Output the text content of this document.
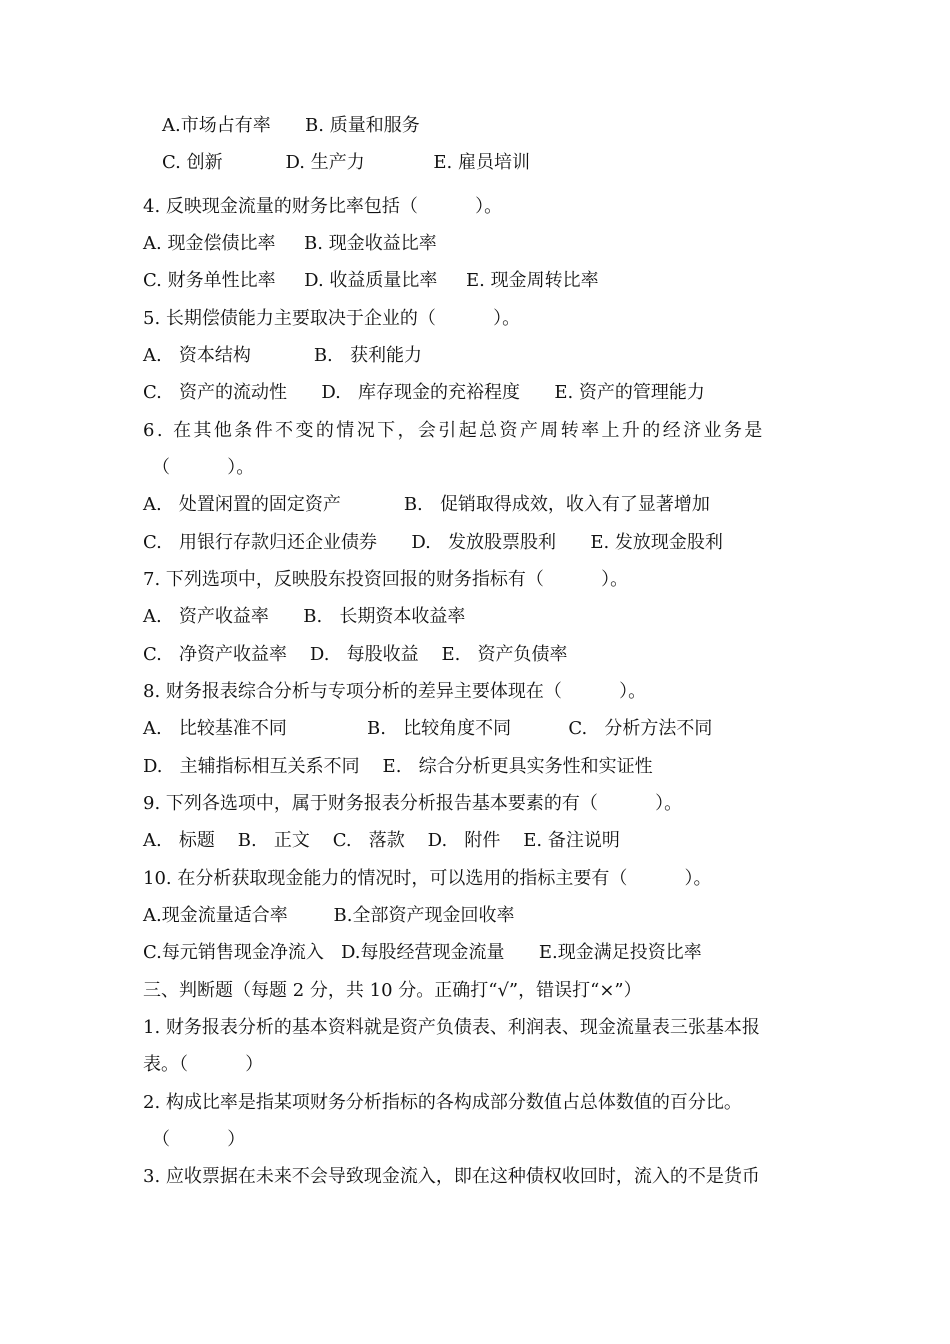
A.市场占有率      B. 质量和服务
C. 创新           D. 生产力            E. 雇员培训
4. 反映现金流量的财务比率包括（          ）。
A. 现金偿债比率     B. 现金收益比率
C. 财务单性比率     D. 收益质量比率     E. 现金周转比率
5. 长期偿债能力主要取决于企业的（          ）。
A.   资本结构           B.   获利能力
C.   资产的流动性      D.   库存现金的充裕程度      E. 资产的管理能力
6. 在其他条件不变的情况下，会引起总资产周转率上升的经济业务是
（          ）。
A.   处置闲置的固定资产           B.   促销取得成效，收入有了显著增加
C.   用银行存款归还企业债券      D.   发放股票股利      E. 发放现金股利
7. 下列选项中，反映股东投资回报的财务指标有（          ）。
A.   资产收益率      B.   长期资本收益率
C.   净资产收益率    D.   每股收益    E.   资产负债率
8. 财务报表综合分析与专项分析的差异主要体现在（          ）。
A.   比较基准不同              B.   比较角度不同          C.   分析方法不同
D.   主辅指标相互关系不同    E.   综合分析更具实务性和实证性
9. 下列各选项中，属于财务报表分析报告基本要素的有（          ）。
A.   标题    B.   正文    C.   落款    D.   附件    E. 备注说明
10. 在分析获取现金能力的情况时，可以选用的指标主要有（          ）。
A.现金流量适合率        B.全部资产现金回收率
C.每元销售现金净流入   D.每股经营现金流量      E.现金满足投资比率
三、判断题（每题 2 分，共 10 分。正确打“√”，错误打“×”）
1. 财务报表分析的基本资料就是资产负债表、利润表、现金流量表三张基本报
表。（          ）
2. 构成比率是指某项财务分析指标的各构成部分数值占总体数值的百分比。
（          ）
3. 应收票据在未来不会导致现金流入，即在这种债权收回时，流入的不是货币
